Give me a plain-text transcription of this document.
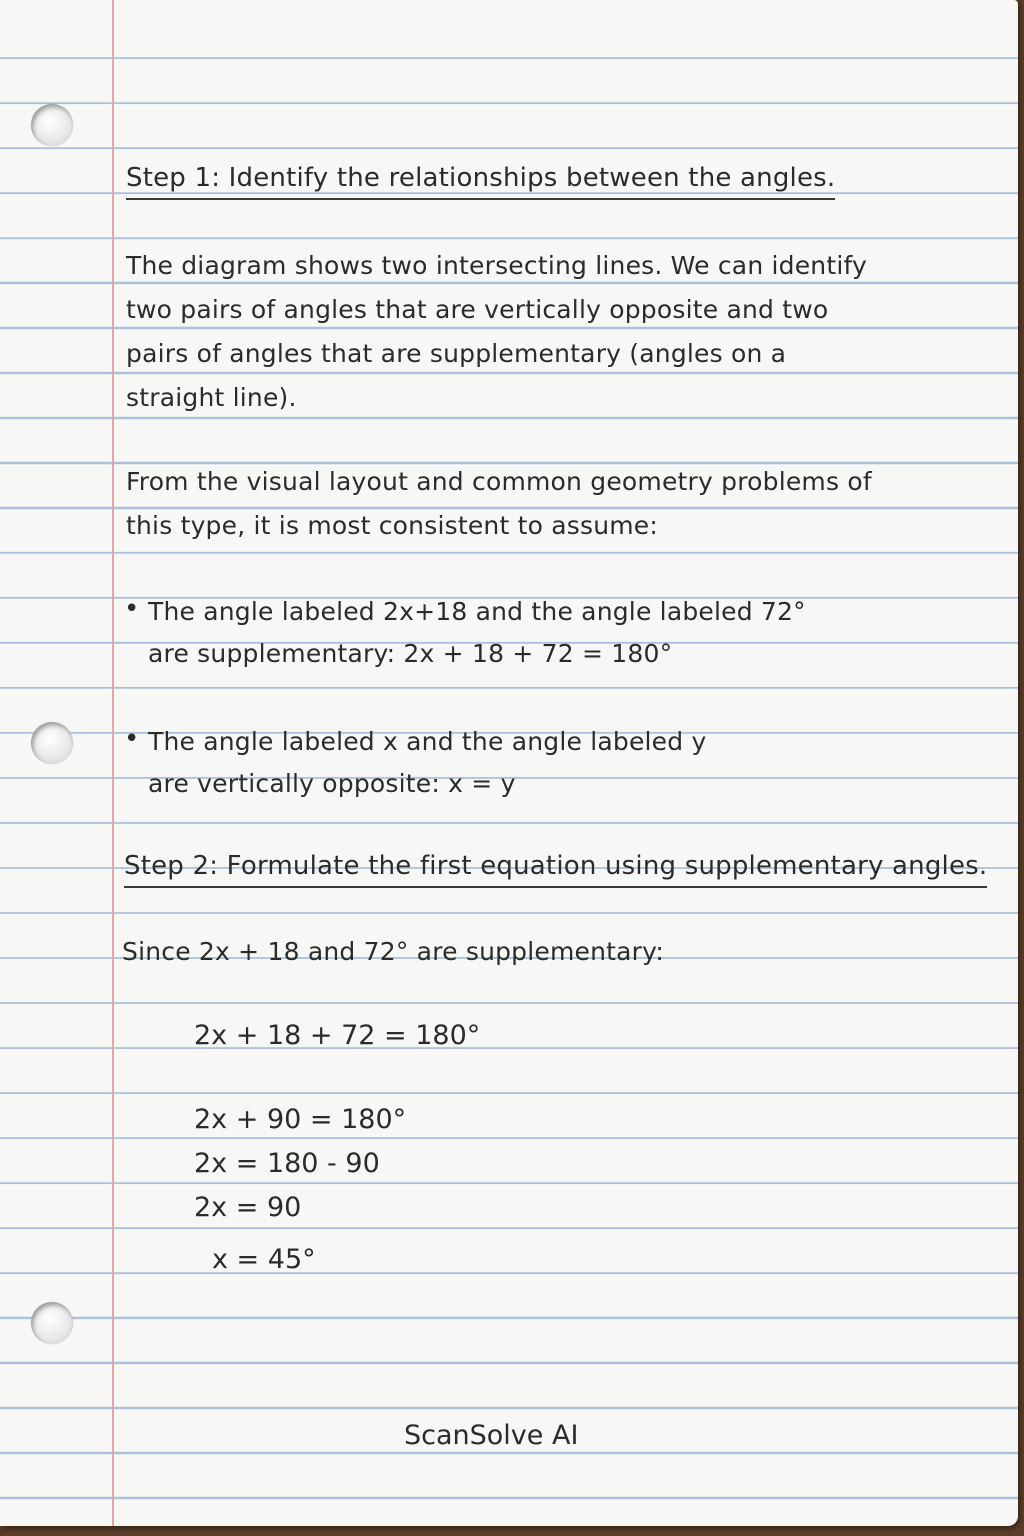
Step 1: Identify the relationships between the angles.
The diagram shows two intersecting lines. We can identify
two pairs of angles that are vertically opposite and two
pairs of angles that are supplementary (angles on a
straight line).
From the visual layout and common geometry problems of
this type, it is most consistent to assume:
• The angle labeled 2x+18 and the angle labeled 72°
are supplementary: 2x + 18 + 72 = 180°
• The angle labeled x and the angle labeled y
are vertically opposite: x = y
Step 2: Formulate the first equation using supplementary angles.
Since 2x + 18 and 72° are supplementary:
2x + 18 + 72 = 180°
2x + 90 = 180°
2x = 180 - 90
2x = 90
x = 45°
ScanSolve AI
